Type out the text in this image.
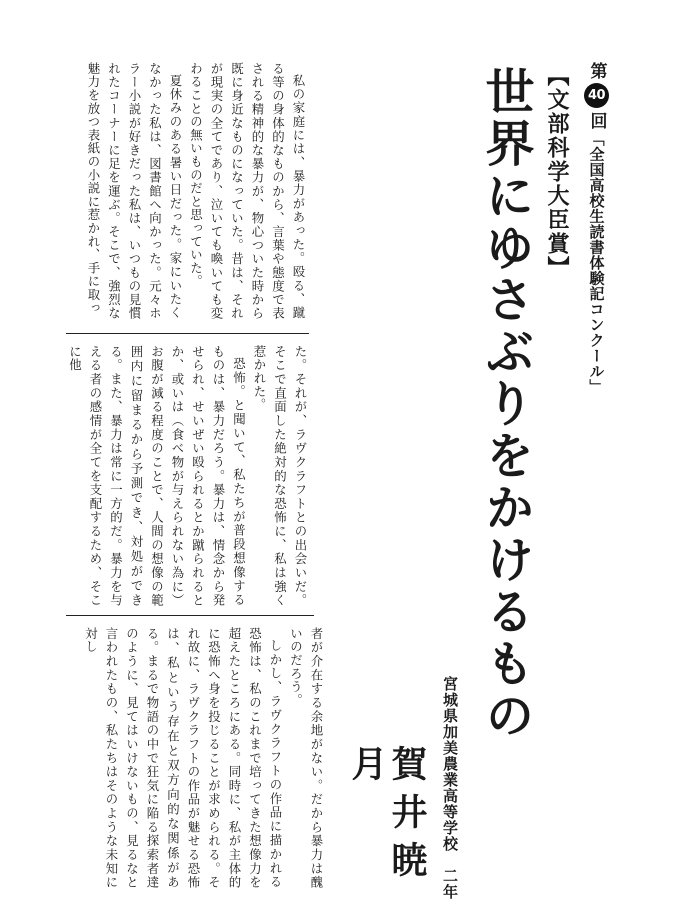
第
40
回
「全国高校生読書体験記コンクール」
【文部科学大臣賞】
世界にゆさぶりをかけるもの
宮城県加美農業高等学校　二年
賀井暁月

私の家庭には、暴力があった。殴る、蹴る等の身体的なものから、言葉や態度で表される精神的な暴力が、物心ついた時から既に身近なものになっていた。昔は、それが現実の全てであり、泣いても喚いても変わることの無いものだと思っていた。

夏休みのある暑い日だった。家にいたくなかった私は、図書館へ向かった。元々ホラー小説が好きだった私は、いつもの見慣れたコーナーに足を運ぶ。そこで、強烈な魅力を放つ表紙の小説に惹かれ、手に取っ

た。それが、ラヴクラフトとの出会いだ。そこで直面した絶対的な恐怖に、私は強く惹かれた。

恐怖。と聞いて、私たちが普段想像するものは、暴力だろう。暴力は、情念から発せられ、せいぜい殴られるとか蹴られるとか、或いは（食べ物が与えられない為に）お腹が減る程度のことで、人間の想像の範囲内に留まるから予測でき、対処ができる。また、暴力は常に一方的だ。暴力を与える者の感情が全てを支配するため、そこに他

者が介在する余地がない。だから暴力は醜いのだろう。

しかし、ラヴクラフトの作品に描かれる恐怖は、私のこれまで培ってきた想像力を超えたところにある。同時に、私が主体的に恐怖へ身を投じることが求められる。それ故に、ラヴクラフトの作品が魅せる恐怖は、私という存在と双方向的な関係がある。まるで物語の中で狂気に陥る探索者達のように、見てはいけないもの、見るなと言われたもの、私たちはそのような未知に対し
